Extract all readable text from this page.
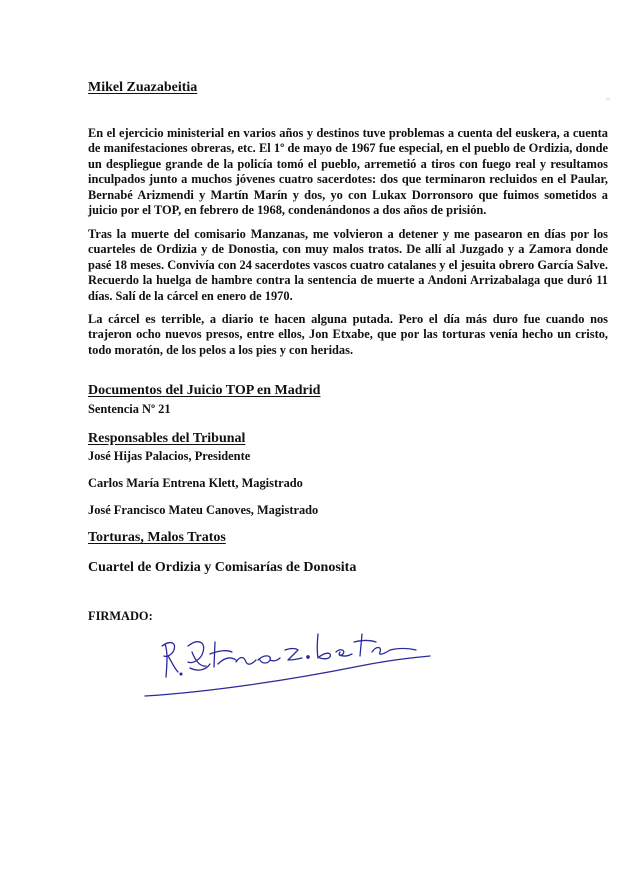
Mikel Zuazabeitia

En el ejercicio ministerial en varios años y destinos tuve problemas a cuenta del euskera, a cuenta de manifestaciones obreras, etc. El 1º de mayo de 1967 fue especial, en el pueblo de Ordizia, donde un despliegue grande de la policía tomó el pueblo, arremetió a tiros con fuego real y resultamos inculpados junto a muchos jóvenes cuatro sacerdotes: dos que terminaron recluidos en el Paular, Bernabé Arizmendi y Martín Marín y dos, yo con Lukax Dorronsoro que fuimos sometidos a juicio por el TOP, en febrero de 1968, condenándonos a dos años de prisión.

Tras la muerte del comisario Manzanas, me volvieron a detener y me pasearon en días por los cuarteles de Ordizia y de Donostia, con muy malos tratos. De allí al Juzgado y a Zamora donde pasé 18 meses. Convivía con 24 sacerdotes vascos cuatro catalanes y el jesuita obrero García Salve. Recuerdo la huelga de hambre contra la sentencia de muerte a Andoni Arrizabalaga que duró 11 días. Salí de la cárcel en enero de 1970.

La cárcel es terrible, a diario te hacen alguna putada. Pero el día más duro fue cuando nos trajeron ocho nuevos presos, entre ellos, Jon Etxabe, que por las torturas venía hecho un cristo, todo moratón, de los pelos a los pies y con heridas.

Documentos del Juicio TOP en Madrid

Sentencia Nº 21

Responsables del Tribunal

José Hijas Palacios, Presidente

Carlos María Entrena Klett, Magistrado

José Francisco Mateu Canoves, Magistrado

Torturas, Malos Tratos

Cuartel de Ordizia y Comisarías de Donosita

FIRMADO:
